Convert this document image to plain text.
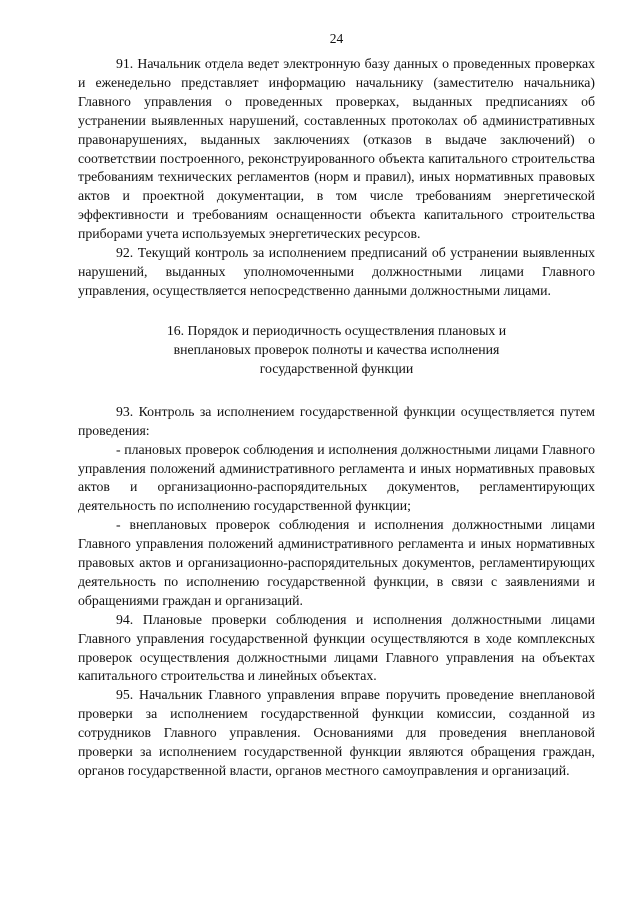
24

91. Начальник отдела ведет электронную базу данных о проведенных проверках и еженедельно представляет информацию начальнику (заместителю начальника) Главного управления о проведенных проверках, выданных предписаниях об устранении выявленных нарушений, составленных протоколах об административных правонарушениях, выданных заключениях (отказов в выдаче заключений) о соответствии построенного, реконструированного объекта капитального строительства требованиям технических регламентов (норм и правил), иных нормативных правовых актов и проектной документации, в том числе требованиям энергетической эффективности и требованиям оснащенности объекта капитального строительства приборами учета используемых энергетических ресурсов.

92. Текущий контроль за исполнением предписаний об устранении выявленных нарушений, выданных уполномоченными должностными лицами Главного управления, осуществляется непосредственно данными должностными лицами.

16. Порядок и периодичность осуществления плановых и
внеплановых проверок полноты и качества исполнения
государственной функции

93. Контроль за исполнением государственной функции осуществляется путем проведения:

- плановых проверок соблюдения и исполнения должностными лицами Главного управления положений административного регламента и иных нормативных правовых актов и организационно-распорядительных документов, регламентирующих деятельность по исполнению государственной функции;

- внеплановых проверок соблюдения и исполнения должностными лицами Главного управления положений административного регламента и иных нормативных правовых актов и организационно-распорядительных документов, регламентирующих деятельность по исполнению государственной функции, в связи с заявлениями и обращениями граждан и организаций.

94. Плановые проверки соблюдения и исполнения должностными лицами Главного управления государственной функции осуществляются в ходе комплексных проверок осуществления должностными лицами Главного управления на объектах капитального строительства и линейных объектах.

95. Начальник Главного управления вправе поручить проведение внеплановой проверки за исполнением государственной функции комиссии, созданной из сотрудников Главного управления. Основаниями для проведения внеплановой проверки за исполнением государственной функции являются обращения граждан, органов государственной власти, органов местного самоуправления и организаций.
